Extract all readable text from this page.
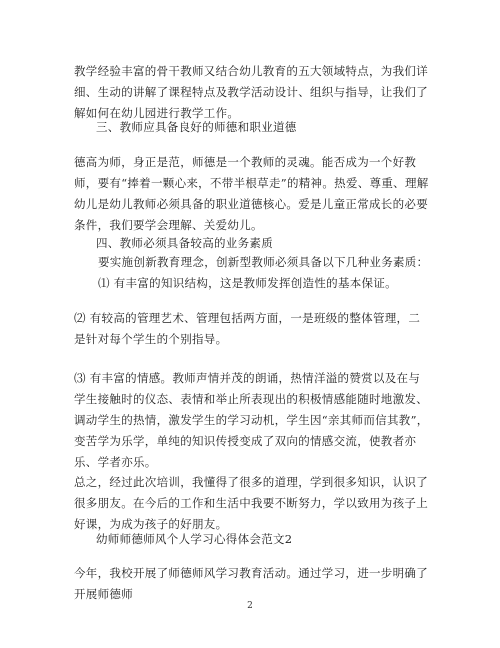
教学经验丰富的骨干教师又结合幼儿教育的五大领域特点，为我们详细、生动的讲解了课程特点及教学活动设计、组织与指导，让我们了解如何在幼儿园进行教学工作。

三、教师应具备良好的师德和职业道德

德高为师，身正是范，师德是一个教师的灵魂。能否成为一个好教师，要有“捧着一颗心来，不带半根草走”的精神。热爱、尊重、理解幼儿是幼儿教师必须具备的职业道德核心。爱是儿童正常成长的必要条件，我们要学会理解、关爱幼儿。

四、教师必须具备较高的业务素质

要实施创新教育理念，创新型教师必须具备以下几种业务素质：

⑴ 有丰富的知识结构，这是教师发挥创造性的基本保证。

⑵ 有较高的管理艺术、管理包括两方面，一是班级的整体管理，二是针对每个学生的个别指导。

⑶ 有丰富的情感。教师声情并茂的朗诵，热情洋溢的赞赏以及在与学生接触时的仪态、表情和举止所表现出的积极情感能随时地激发、调动学生的热情，激发学生的学习动机，学生因“亲其师而信其教”，变苦学为乐学，单纯的知识传授变成了双向的情感交流，使教者亦乐、学者亦乐。

总之，经过此次培训，我懂得了很多的道理，学到很多知识，认识了很多朋友。在今后的工作和生活中我要不断努力，学以致用为孩子上好课，为成为孩子的好朋友。

幼师师德师风个人学习心得体会范文2

今年，我校开展了师德师风学习教育活动。通过学习，进一步明确了开展师德师

2
